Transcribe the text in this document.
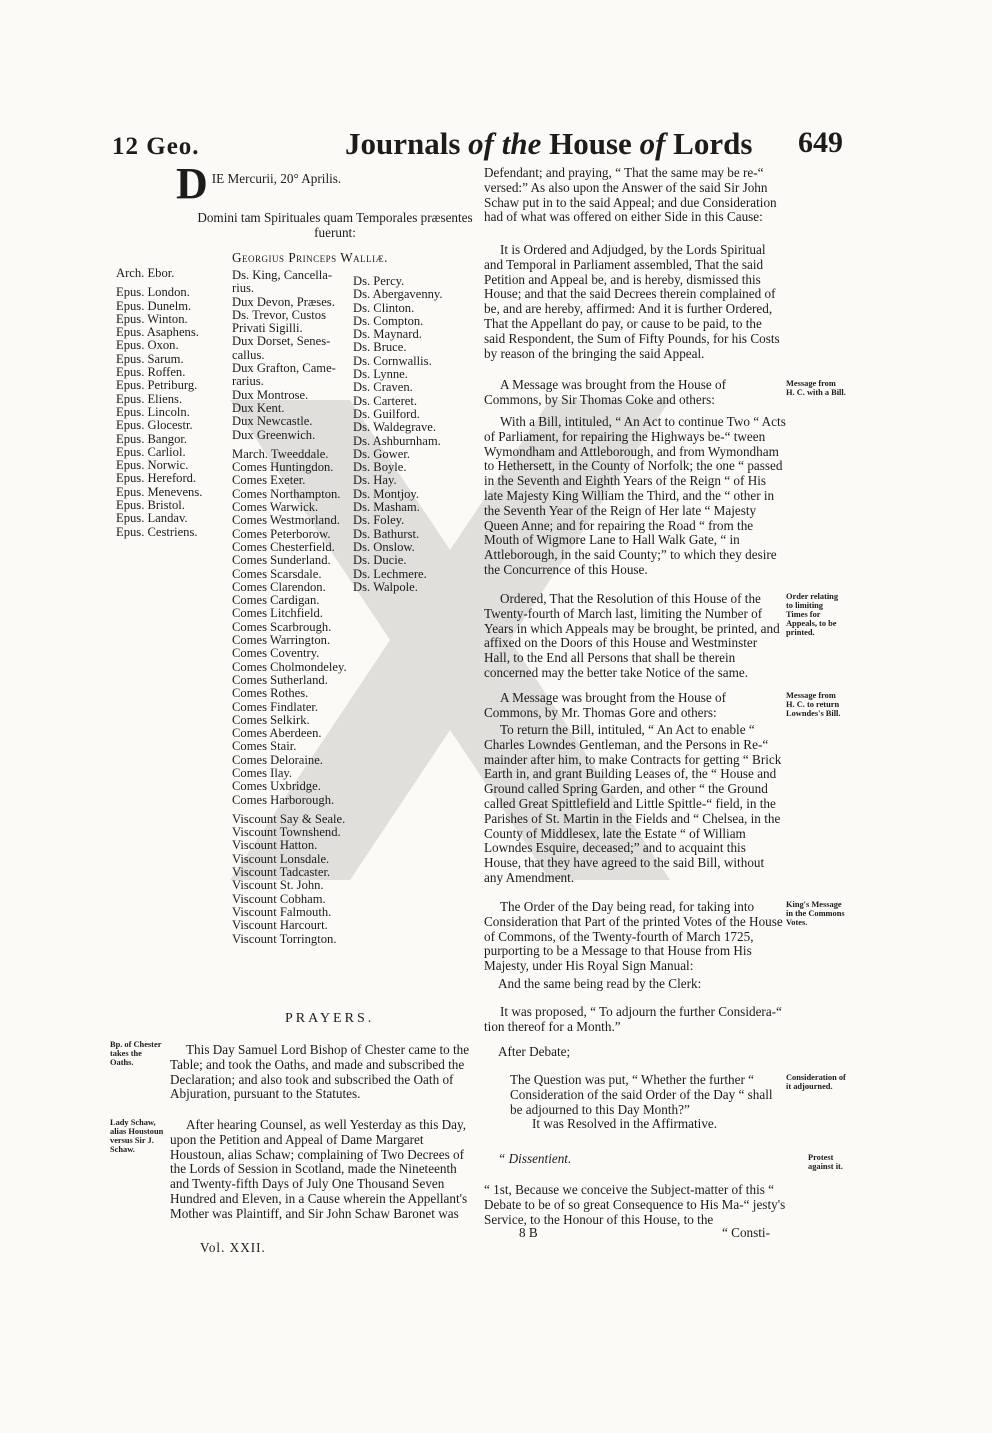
12 Geo.	Journals of the House of Lords 649
D IE Mercurii, 20° Aprilis.
Domini tam Spirituales quam Temporales præsentes fuerunt:
Georgius Princeps Walliæ.
Arch. Ebor.
Epus. London.
Epus. Dunelm.
Epus. Winton.
Epus. Asaphens.
Epus. Oxon.
Epus. Sarum.
Epus. Roffen.
Epus. Petriburg.
Epus. Eliens.
Epus. Lincoln.
Epus. Glocestr.
Epus. Bangor.
Epus. Carliol.
Epus. Norwic.
Epus. Hereford.
Epus. Menevens.
Epus. Bristol.
Epus. Landav.
Epus. Cestriens.
Ds. King, Cancella-
rius.
Dux Devon, Præses.
Ds. Trevor, Custos
Privati Sigilli.
Dux Dorset, Senes-
callus.
Dux Grafton, Came-
rarius.
Dux Montrose.
Dux Kent.
Dux Newcastle.
Dux Greenwich.
March. Tweeddale.
Comes Huntingdon.
Comes Exeter.
Comes Northampton.
Comes Warwick.
Comes Westmorland.
Comes Peterborow.
Comes Chesterfield.
Comes Sunderland.
Comes Scarsdale.
Comes Clarendon.
Comes Cardigan.
Comes Litchfield.
Comes Scarbrough.
Comes Warrington.
Comes Coventry.
Comes Cholmondeley.
Comes Sutherland.
Comes Rothes.
Comes Findlater.
Comes Selkirk.
Comes Aberdeen.
Comes Stair.
Comes Deloraine.
Comes Ilay.
Comes Uxbridge.
Comes Harborough.
Viscount Say & Seale.
Viscount Townshend.
Viscount Hatton.
Viscount Lonsdale.
Viscount Tadcaster.
Viscount St. John.
Viscount Cobham.
Viscount Falmouth.
Viscount Harcourt.
Viscount Torrington.
Ds. Percy.
Ds. Abergavenny.
Ds. Clinton.
Ds. Compton.
Ds. Maynard.
Ds. Bruce.
Ds. Cornwallis.
Ds. Lynne.
Ds. Craven.
Ds. Carteret.
Ds. Guilford.
Ds. Waldegrave.
Ds. Ashburnham.
Ds. Gower.
Ds. Boyle.
Ds. Hay.
Ds. Montjoy.
Ds. Masham.
Ds. Foley.
Ds. Bathurst.
Ds. Onslow.
Ds. Ducie.
Ds. Lechmere.
Ds. Walpole.
PRAYERS.
Bp. of Chester takes the Oaths.
This Day Samuel Lord Bishop of Chester came to the Table; and took the Oaths, and made and subscribed the Declaration; and also took and subscribed the Oath of Abjuration, pursuant to the Statutes.
Lady Schaw, alias Houstoun versus Sir J. Schaw.
After hearing Counsel, as well Yesterday as this Day, upon the Petition and Appeal of Dame Margaret Houstoun, alias Schaw; complaining of Two Decrees of the Lords of Session in Scotland, made the Nineteenth and Twenty-fifth Days of July One Thousand Seven Hundred and Eleven, in a Cause wherein the Appellant's Mother was Plaintiff, and Sir John Schaw Baronet was
Vol. XXII.
Defendant; and praying, “ That the same may be re-“ versed:” As also upon the Answer of the said Sir John Schaw put in to the said Appeal; and due Consideration had of what was offered on either Side in this Cause:
It is Ordered and Adjudged, by the Lords Spiritual and Temporal in Parliament assembled, That the said Petition and Appeal be, and is hereby, dismissed this House; and that the said Decrees therein complained of be, and are hereby, affirmed: And it is further Ordered, That the Appellant do pay, or cause to be paid, to the said Respondent, the Sum of Fifty Pounds, for his Costs by reason of the bringing the said Appeal.
Message from H. C. with a Bill.
A Message was brought from the House of Commons, by Sir Thomas Coke and others:
With a Bill, intituled, “ An Act to continue Two “ Acts of Parliament, for repairing the Highways be-“ tween Wymondham and Attleborough, and from Wymondham to Hethersett, in the County of Norfolk; the one “ passed in the Seventh and Eighth Years of the Reign “ of His late Majesty King William the Third, and the “ other in the Seventh Year of the Reign of Her late “ Majesty Queen Anne; and for repairing the Road “ from the Mouth of Wigmore Lane to Hall Walk Gate, “ in Attleborough, in the said County;” to which they desire the Concurrence of this House.
Order relating to limiting Times for Appeals, to be printed.
Ordered, That the Resolution of this House of the Twenty-fourth of March last, limiting the Number of Years in which Appeals may be brought, be printed, and affixed on the Doors of this House and Westminster Hall, to the End all Persons that shall be therein concerned may the better take Notice of the same.
Message from H. C. to return Lowndes's Bill.
A Message was brought from the House of Commons, by Mr. Thomas Gore and others:
To return the Bill, intituled, “ An Act to enable “ Charles Lowndes Gentleman, and the Persons in Re-“ mainder after him, to make Contracts for getting “ Brick Earth in, and grant Building Leases of, the “ House and Ground called Spring Garden, and other “ the Ground called Great Spittlefield and Little Spittle-“ field, in the Parishes of St. Martin in the Fields and “ Chelsea, in the County of Middlesex, late the Estate “ of William Lowndes Esquire, deceased;” and to acquaint this House, that they have agreed to the said Bill, without any Amendment.
King's Message in the Commons Votes.
The Order of the Day being read, for taking into Consideration that Part of the printed Votes of the House of Commons, of the Twenty-fourth of March 1725, purporting to be a Message to that House from His Majesty, under His Royal Sign Manual:
And the same being read by the Clerk:
It was proposed, “ To adjourn the further Considera-“ tion thereof for a Month.”
After Debate;
Consideration of it adjourned.
The Question was put, “ Whether the further “ Consideration of the said Order of the Day “ shall be adjourned to this Day Month?”
It was Resolved in the Affirmative.
“ Dissentient.	Protest against it.
“ 1st, Because we conceive the Subject-matter of this “ Debate to be of so great Consequence to His Ma-“ jesty's Service, to the Honour of this House, to the
8 B	“ Consti-
